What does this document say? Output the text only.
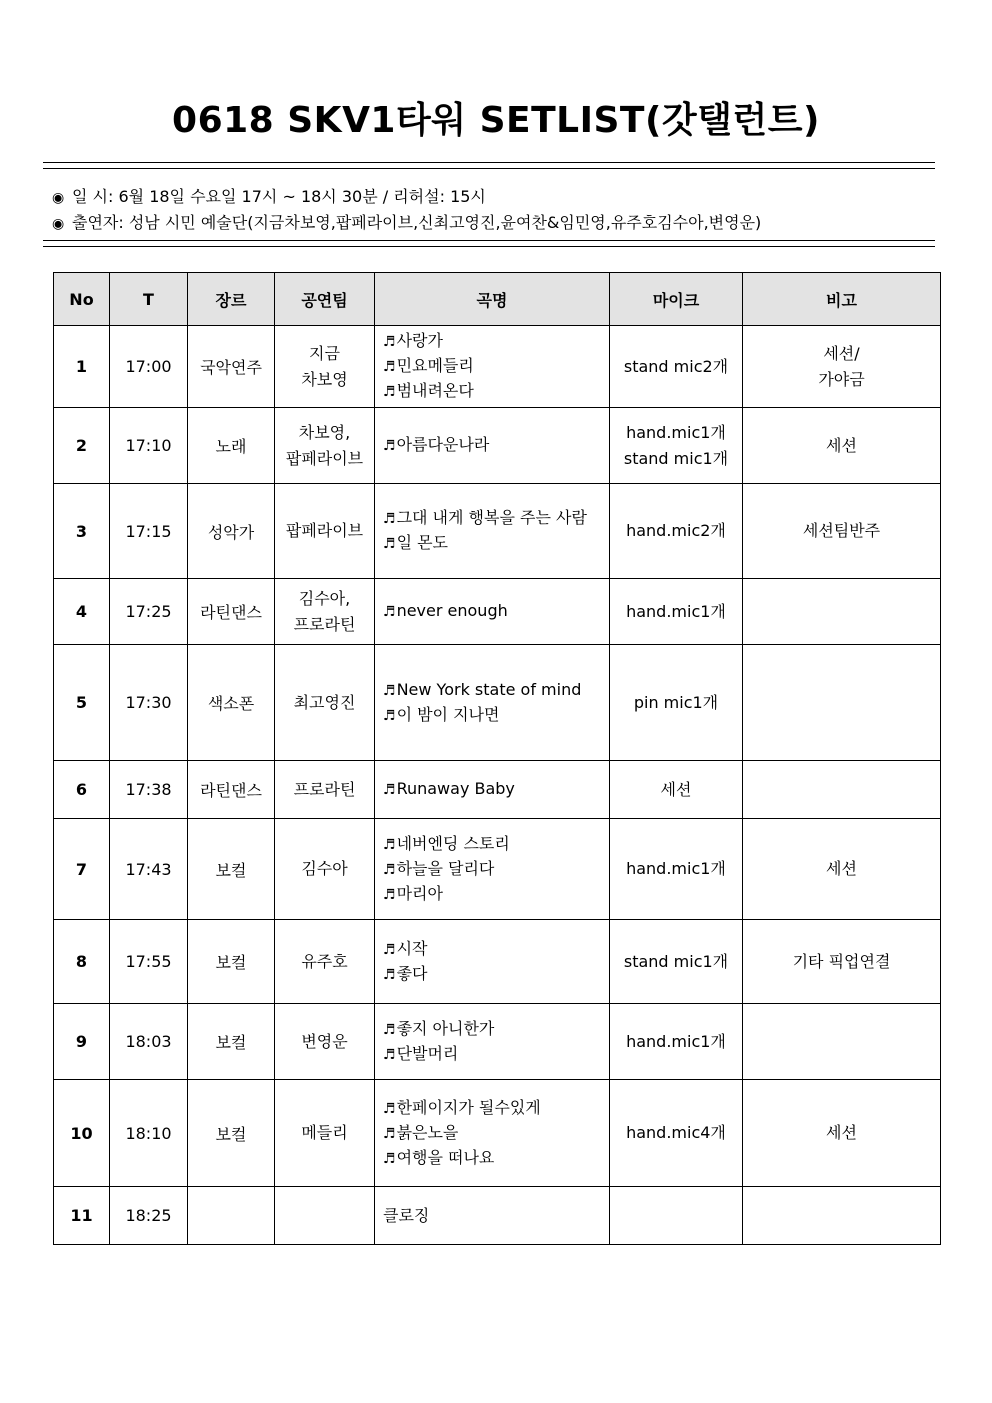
0618 SKV1타워 SETLIST(갓탤런트)
◉ 일 시: 6월 18일 수요일 17시 ~ 18시 30분 / 리허설: 15시
◉ 출연자: 성남 시민 예술단(지금차보영,팝페라이브,신최고영진,윤여찬&임민영,유주호김수아,변영운)
No	T	장르	공연팀	곡명	마이크	비고
1	17:00	국악연주	지금
차보영	♬사랑가
♬민요메들리
♬범내려온다	stand mic2개	세션/
가야금

2	17:10	노래	차보영,
팝페라이브	♬아름다운나라	hand.mic1개
stand mic1개	세션

3	17:15	성악가	팝페라이브	♬그대 내게 행복을 주는 사람
♬일 몬도	hand.mic2개	세션팀반주

4	17:25	라틴댄스	김수아,
프로라틴	♬never enough	hand.mic1개	

5	17:30	색소폰	최고영진	♬New York state of mind
♬이 밤이 지나면	pin mic1개	

6	17:38	라틴댄스	프로라틴	♬Runaway Baby	세션	

7	17:43	보컬	김수아	♬네버엔딩 스토리
♬하늘을 달리다
♬마리아	hand.mic1개	세션

8	17:55	보컬	유주호	♬시작
♬좋다	stand mic1개	기타 픽업연결

9	18:03	보컬	변영운	♬좋지 아니한가
♬단발머리	hand.mic1개	

10	18:10	보컬	메들리	♬한페이지가 될수있게
♬붉은노을
♬여행을 떠나요	hand.mic4개	세션

11	18:25			클로징		
